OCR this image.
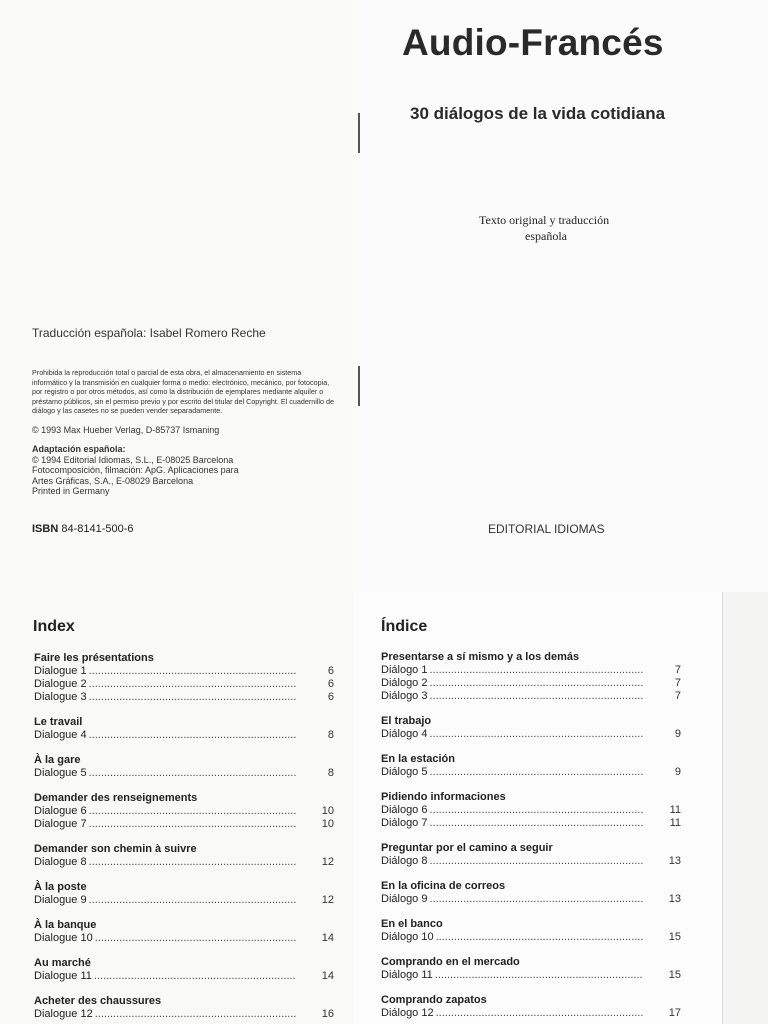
Audio-Francés
30 diálogos de la vida cotidiana
Texto original y traducción
española
EDITORIAL IDIOMAS
Traducción española: Isabel Romero Reche
Prohibida la reproducción total o parcial de esta obra, el almacenamiento en sistema informático y la transmisión en cualquier forma o medio: electrónico, mecánico, por fotocopia, por registro o por otros métodos, así como la distribución de ejemplares mediante alquiler o préstamo públicos, sin el permiso previo y por escrito del titular del Copyright. El cuadernillo de diálogo y las casetes no se pueden vender separadamente.
© 1993 Max Hueber Verlag, D-85737 Ismaning
Adaptación española:
© 1994 Editorial Idiomas, S.L., E-08025 Barcelona
Fotocomposición, filmación: ApG. Aplicaciones para
Artes Gráficas, S.A., E-08029 Barcelona
Printed in Germany
ISBN 84-8141-500-6
Index	Índice
Faire les présentations
Dialogue 1 .....	6
Dialogue 2 .....	6
Dialogue 3 .....	6
Le travail
Dialogue 4 .....	8
À la gare
Dialogue 5 .....	8
Demander des renseignements
Dialogue 6 .....	10
Dialogue 7 .....	10
Demander son chemin à suivre
Dialogue 8 .....	12
À la poste
Dialogue 9 .....	12
À la banque
Dialogue 10 .....	14
Au marché
Dialogue 11 .....	14
Acheter des chaussures
Dialogue 12 .....	16
Presentarse a sí mismo y a los demás
Diálogo 1 .....	7
Diálogo 2 .....	7
Diálogo 3 .....	7
El trabajo
Diálogo 4 .....	9
En la estación
Diálogo 5 .....	9
Pidiendo informaciones
Diálogo 6 .....	11
Diálogo 7 .....	11
Preguntar por el camino a seguir
Diálogo 8 .....	13
En la oficina de correos
Diálogo 9 .....	13
En el banco
Diálogo 10 .....	15
Comprando en el mercado
Diálogo 11 .....	15
Comprando zapatos
Diálogo 12 .....	17
